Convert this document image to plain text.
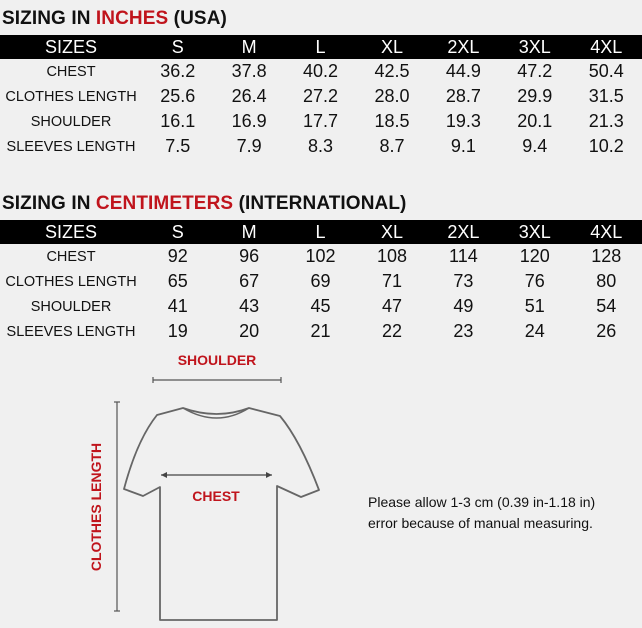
SIZING IN INCHES (USA)
SIZES	S	M	L	XL	2XL	3XL	4XL
CHEST	36.2	37.8	40.2	42.5	44.9	47.2	50.4
CLOTHES LENGTH	25.6	26.4	27.2	28.0	28.7	29.9	31.5
SHOULDER	16.1	16.9	17.7	18.5	19.3	20.1	21.3
SLEEVES LENGTH	7.5	7.9	8.3	8.7	9.1	9.4	10.2
SIZING IN CENTIMETERS (INTERNATIONAL)
SIZES	S	M	L	XL	2XL	3XL	4XL
CHEST	92	96	102	108	114	120	128
CLOTHES LENGTH	65	67	69	71	73	76	80
SHOULDER	41	43	45	47	49	51	54
SLEEVES LENGTH	19	20	21	22	23	24	26
SHOULDER
CLOTHES LENGTH	CHEST	Please allow 1-3 cm (0.39 in-1.18 in)
error because of manual measuring.
